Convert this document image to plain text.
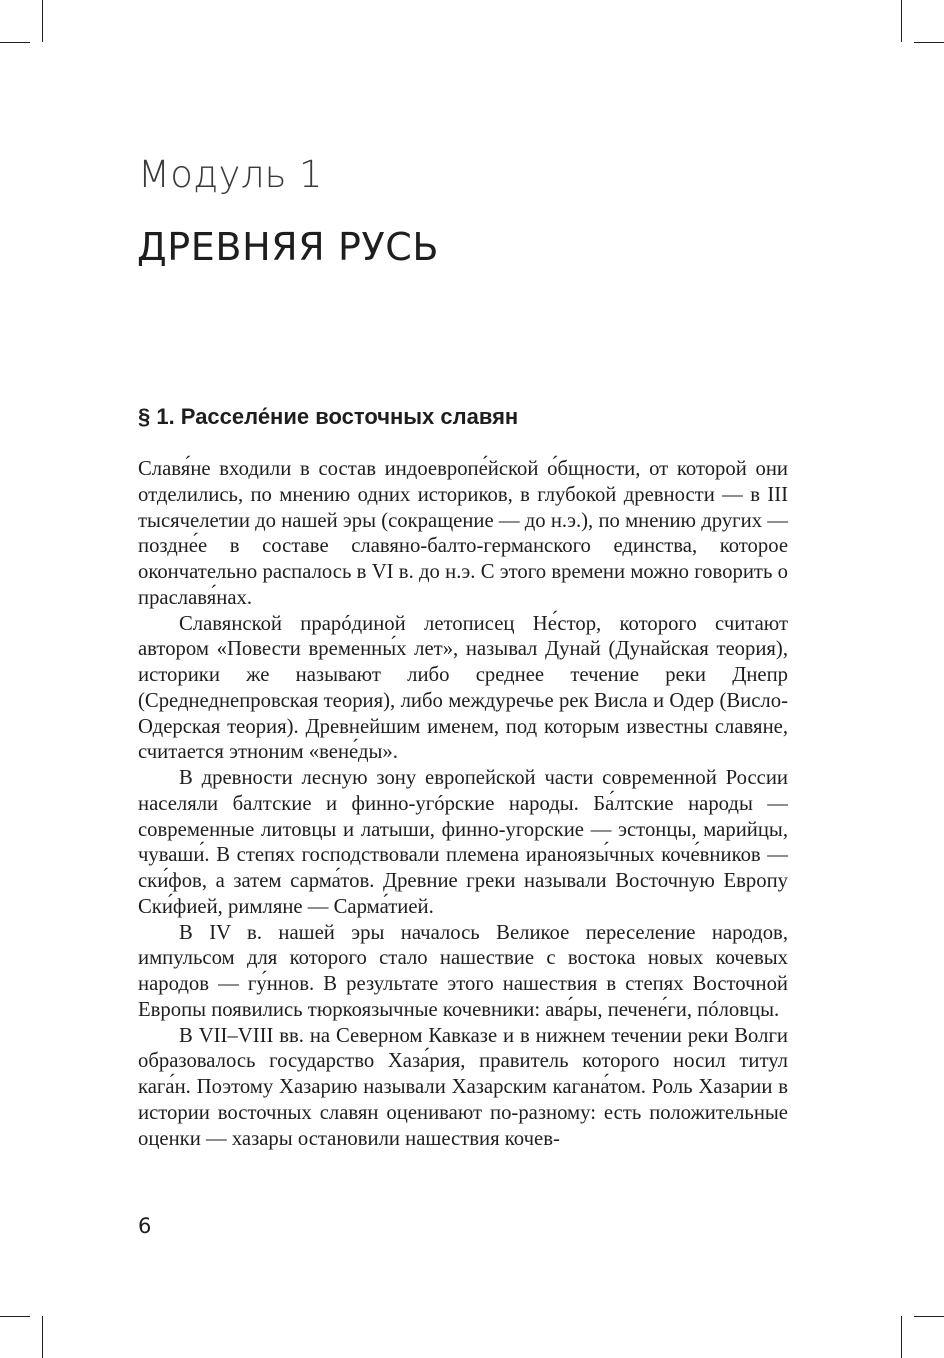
Модуль 1
ДРЕВНЯЯ РУСЬ
§ 1. Расселе́ние восточных славян

Славя́не входили в состав индоевропе́йской о́бщности, от которой они отделились, по мнению одних историков, в глубокой древности — в III тысячелетии до нашей эры (сокращение — до н.э.), по мнению других — поздне́е в составе славяно-балто-германского единства, которое окончательно распалось в VI в. до н.э. С этого времени можно говорить о праславя́нах.

Славянской прарóдиной летописец Не́стор, которого считают автором «Повести временны́х лет», называл Дунай (Дунайская теория), историки же называют либо среднее течение реки Днепр (Среднеднепровская теория), либо междуречье рек Висла и Одер (Висло-Одерская теория). Древнейшим именем, под которым известны славяне, считается этноним «вене́ды».

В древности лесную зону европейской части современной России населяли балтские и финно-угóрские народы. Ба́лтские народы — современные литовцы и латыши, финно-угорские — эстонцы, марийцы, чуваши́. В степях господствовали племена ираноязы́чных коче́вников — ски́фов, а затем сарма́тов. Древние греки называли Восточную Европу Ски́фией, римляне — Сарма́тией.

В IV в. нашей эры началось Великое переселение народов, импульсом для которого стало нашествие с востока новых кочевых народов — гу́ннов. В результате этого нашествия в степях Восточной Европы появились тюркоязычные кочевники: ава́ры, печене́ги, пóловцы.

В VII–VIII вв. на Северном Кавказе и в нижнем течении реки Волги образовалось государство Хаза́рия, правитель которого носил титул кага́н. Поэтому Хазарию называли Хазарским кагана́том. Роль Хазарии в истории восточных славян оценивают по-разному: есть положительные оценки — хазары остановили нашествия кочев-

6
